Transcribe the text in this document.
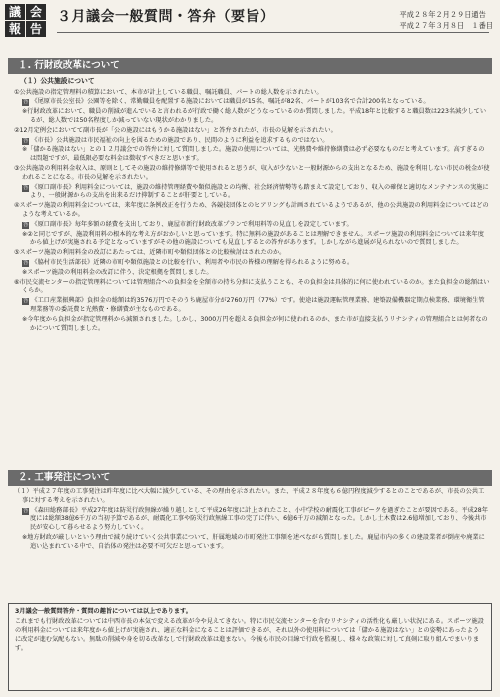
議 会
報 告
３月議会一般質問・答弁（要旨）	平成２８年２月２９日通告
平成２７年３月８日　１番目
１. 行財政改革について
（１）公共施設について
①公共施設の指定管理料の積算において、本市が計上している職員、嘱託職員、パートの総人数を示されたい。
答 《尾原市長公室長》公園等を除く、常勤職員を配置する施設においては職員が15名、嘱託が82名、パートが103名で合計200名となっている。
※行財政改革において、職員の削減が進んでいると言われるが行政で働く総人数がどうなっているのか質問しました。平成18年と比較すると職員数は223名減少しているが、総人数では50名程度しか減っていない現状がわかりました。
②12月定例会においてて副市長が「公の施設にはもうかる施設はない」と答弁されたが、市長の見解を示されたい。
答 《市長》公共施設は市民福祉の向上を図るための施設であり、民間のように利益を追求するものではない。
※「儲かる施設はない」との１２月議会での答弁に対して質問しました。施設の使用については、光熱費や維持修繕費は必ず必要なものだと考えています。高すぎるのは問題ですが、最低限必要な料金は徴収すべきだと思います。
③公共施設の利用料金収入は、原則としてその施設の維持修繕等で使用されると思うが、収入が少ないと一般財源からの支出となるため、施設を利用しない市民の税金が使われることになる。市長の見解を示されたい。
答 《原口副市長》利用料金については、施設の維持管理経費や類似施設との均衡、社会経済情勢等も踏まえて設定しており、収入の確保と適切なメンテナンスの実施により、一般財源からの支出を出来るだけ抑制することが肝要としている。
④スポーツ施設の利用料金については、来年度に条例改正を行うため、各競技団体とのヒアリングも計画されているようであるが、他の公共施設の利用料金についてはどのような考えているか。
答 《原口副市長》毎年多額の経費を支出しており、鹿屋市新行財政改革プランで利用料等の見直しを設定しています。
※②と同じですが、施設利用料の根本的な考え方がおかしいと思っています。特に無料の施設があることは理解できません。スポーツ施設の利用料金については来年度から値上げが実施される予定となっていますがその他の施設についても見直しするとの答弁があります。しかしながら進展が見られないので質問しました。
⑤スポーツ施設の利用料金の改訂にあたっては、近隣市町や類似団体との比較検討はされたのか。
答 《脇村市民生活部長》近隣の市町や類似施設との比較を行い、利用者や市民の皆様の理解を得られるように努める。
※スポーツ施設の利用料金の改訂に伴う、決定根拠を質問しました。
⑥市民交流センターの指定管理料については管理組合への負担金を全額市の持ち分担に支払うことも、その負担金は具体的に何に使われているのか。また負担金の総額はいくらか。
答 《工口産業振興部》負担金の総額は約3576万円でそのうち鹿屋市分が2760万円（77%）です。使途は施設運転管理業務、建築設備機器定期点検業務、環境衛生管理業務等の委託費と光熱費・修繕費が主なものである。
※今年度から負担金が指定管理料から減額されました。しかし、3000万円を超える負担金が何に使われるのか、また市が直接支払うリナシティの管理組合とは何者なのかについて質問しました。
２. 工事発注について
（１）平成２７年度の工事発注は昨年度に比べ大幅に減少している、その理由を示されたい。また、平成２８年度も６億円程度減少するとのことであるが、市長の公共工事に対する考えを示されたい。
答 《森田総務部長》平成27年度は防災行政無線が繰り越しとして平成26年度に計上されたこと、小中学校の耐震化工事がピークを過ぎたことが要因である。平成28年度には総額38億6千万の当初予算であるが、耐震化工事や防災行政無線工事の完了に伴い、6億6千万の減額となった。しかし土木費は2.6億増加しており、今後共市民が安心して暮らせるよう努力していく。
※地方財政が厳しいという理由で減り続けていく公共事業について、肝属地域の市町発注工事額を述べながら質問しました。鹿屋市内の多くの建設業者が倒産や廃業に追い込まれている中で、自治体の発注は必要不可欠だと思っています。
3月議会一般質問答弁・質問の趣旨については以上であります。
これまでも行財政改革については中西市長の本気で変える改革が今や見えてきない。特に市民交流センターを含むリナシティの活性化も厳しい状況にある。スポーツ施設の利用料金については来年度から値上げが実施され、適正な料金になることは評価できるが、それ以外の使用料については「儲かる施設はない」との姿勢にあったように改定が進む気配もない。無駄の削減や身を切る改革なしで行財政改革は進まない。今後も市民の目線で行政を監視し、様々な政策に対して真剣に取り組んでまいります。
